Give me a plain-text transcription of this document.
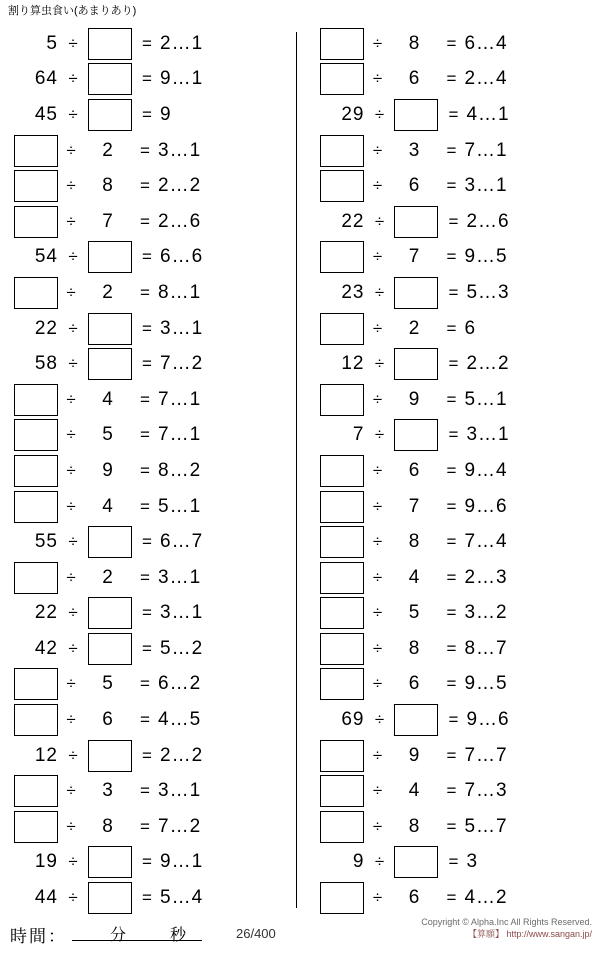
割り算虫食い(あまりあり)
5 ÷	= 2…1
64 ÷	= 9…1
45 ÷	= 9
÷	2	= 3…1
÷	8	= 2…2
÷	7	= 2…6
54 ÷	= 6…6
÷	2	= 8…1
22 ÷	= 3…1
58 ÷	= 7…2
÷	4	= 7…1
÷	5	= 7…1
÷	9	= 8…2
÷	4	= 5…1
55 ÷	= 6…7
÷	2	= 3…1
22 ÷	= 3…1
42 ÷	= 5…2
÷	5	= 6…2
÷	6	= 4…5
12 ÷	= 2…2
÷	3	= 3…1
÷	8	= 7…2
19 ÷	= 9…1
44 ÷	= 5…4
÷	8	= 6…4
÷	6	= 2…4
29 ÷	= 4…1
÷	3	= 7…1
÷	6	= 3…1
22 ÷	= 2…6
÷	7	= 9…5
23 ÷	= 5…3
÷	2	= 6
12 ÷	= 2…2
÷	9	= 5…1
7 ÷	= 3…1
÷	6	= 9…4
÷	7	= 9…6
÷	8	= 7…4
÷	4	= 2…3
÷	5	= 3…2
÷	8	= 8…7
÷	6	= 9…5
69 ÷	= 9…6
÷	9	= 7…7
÷	4	= 7…3
÷	8	= 5…7
9 ÷	= 3
÷	6	= 4…2
時間：	分	秒	26/400
Copyright © Alpha.Inc All Rights Reserved.
【算願】 http://www.sangan.jp/
